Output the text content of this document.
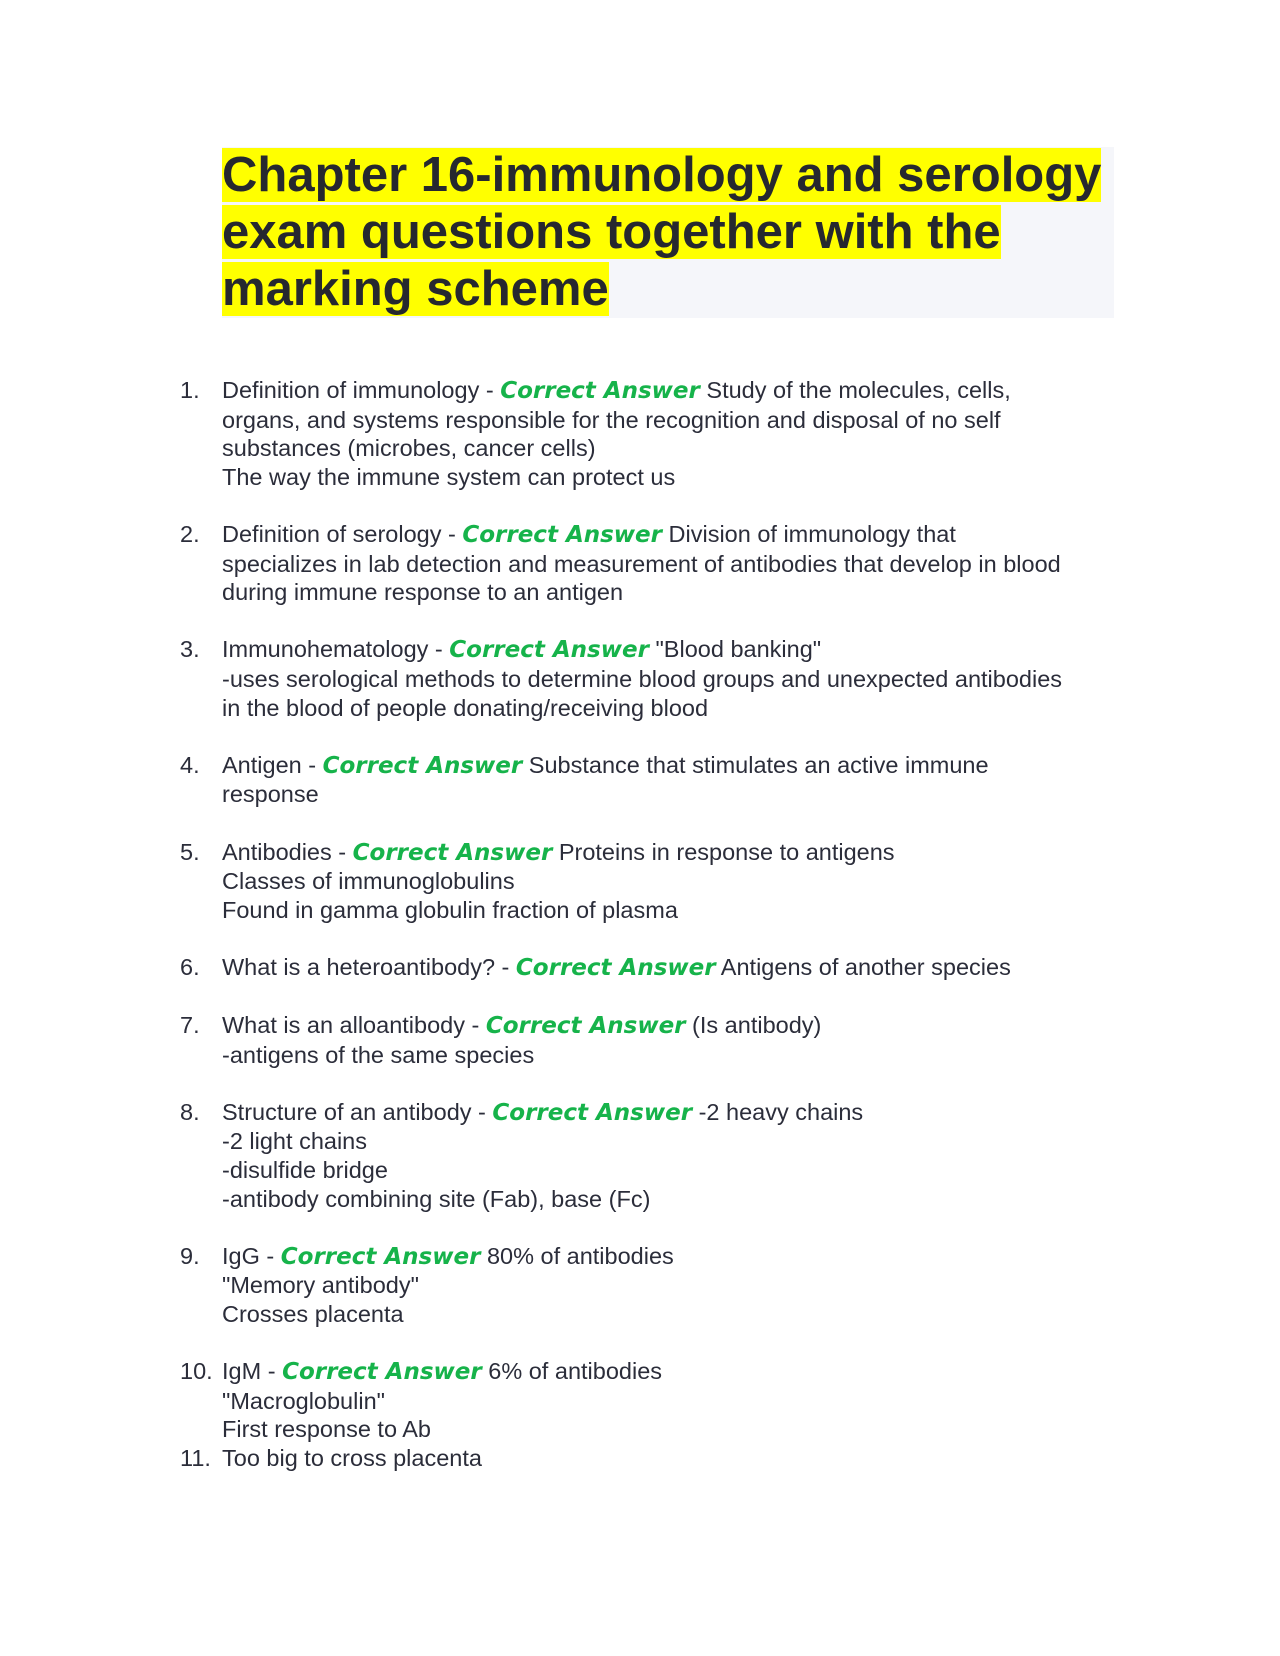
Chapter 16-immunology and serology
exam questions together with the
marking scheme
1. Definition of immunology - Correct Answer Study of the molecules, cells,
organs, and systems responsible for the recognition and disposal of no self
substances (microbes, cancer cells)
The way the immune system can protect us
2. Definition of serology - Correct Answer Division of immunology that
specializes in lab detection and measurement of antibodies that develop in blood
during immune response to an antigen
3. Immunohematology - Correct Answer "Blood banking"
-uses serological methods to determine blood groups and unexpected antibodies
in the blood of people donating/receiving blood
4. Antigen - Correct Answer Substance that stimulates an active immune
response
5. Antibodies - Correct Answer Proteins in response to antigens
Classes of immunoglobulins
Found in gamma globulin fraction of plasma
6. What is a heteroantibody? - Correct Answer Antigens of another species
7. What is an alloantibody - Correct Answer (Is antibody)
-antigens of the same species
8. Structure of an antibody - Correct Answer -2 heavy chains
-2 light chains
-disulfide bridge
-antibody combining site (Fab), base (Fc)
9. IgG - Correct Answer 80% of antibodies
"Memory antibody"
Crosses placenta
10. IgM - Correct Answer 6% of antibodies
"Macroglobulin"
First response to Ab
11. Too big to cross placenta
